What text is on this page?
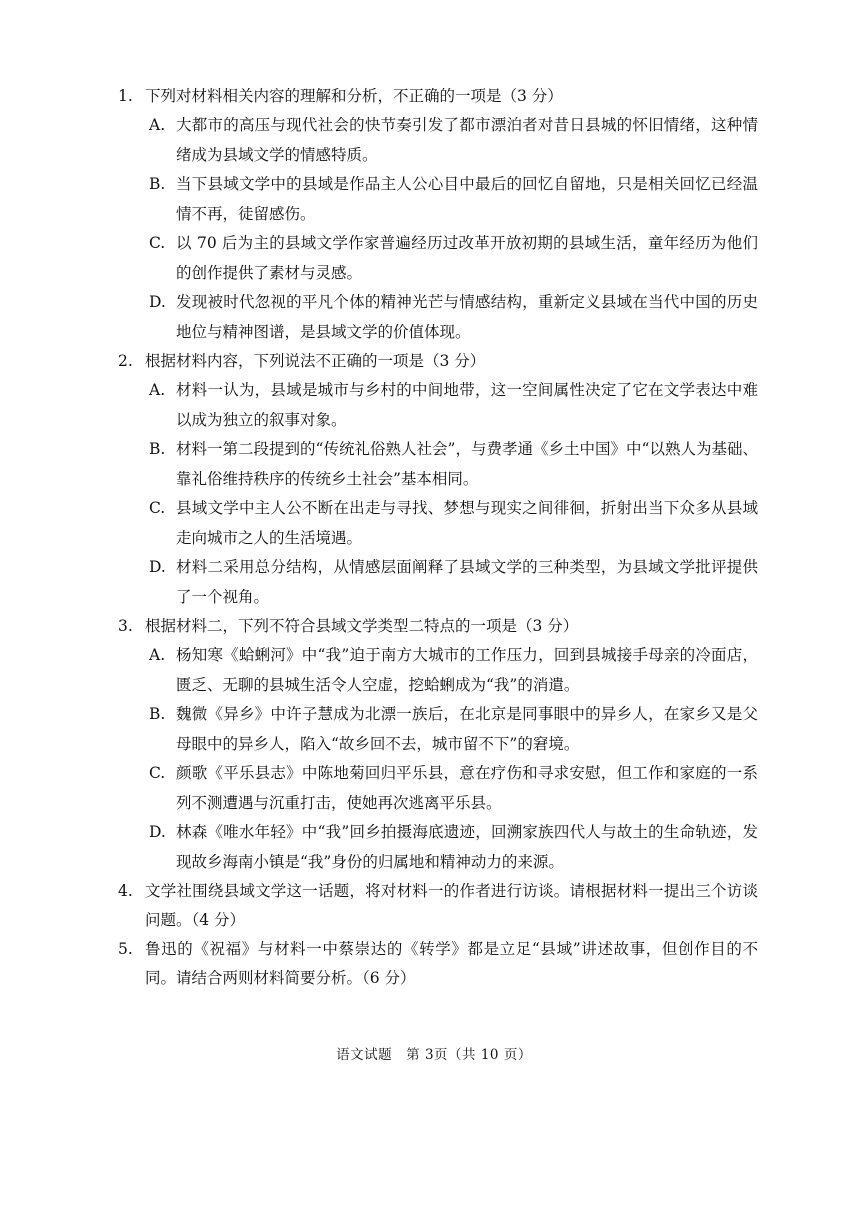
1. 下列对材料相关内容的理解和分析，不正确的一项是（3 分）
A. 大都市的高压与现代社会的快节奏引发了都市漂泊者对昔日县城的怀旧情绪，这种情绪成为县域文学的情感特质。
B. 当下县域文学中的县域是作品主人公心目中最后的回忆自留地，只是相关回忆已经温情不再，徒留感伤。
C. 以 70 后为主的县域文学作家普遍经历过改革开放初期的县域生活，童年经历为他们的创作提供了素材与灵感。
D. 发现被时代忽视的平凡个体的精神光芒与情感结构，重新定义县域在当代中国的历史地位与精神图谱，是县域文学的价值体现。
2. 根据材料内容，下列说法不正确的一项是（3 分）
A. 材料一认为，县域是城市与乡村的中间地带，这一空间属性决定了它在文学表达中难以成为独立的叙事对象。
B. 材料一第二段提到的“传统礼俗熟人社会”，与费孝通《乡土中国》中“以熟人为基础、靠礼俗维持秩序的传统乡土社会”基本相同。
C. 县域文学中主人公不断在出走与寻找、梦想与现实之间徘徊，折射出当下众多从县域走向城市之人的生活境遇。
D. 材料二采用总分结构，从情感层面阐释了县域文学的三种类型，为县域文学批评提供了一个视角。
3. 根据材料二，下列不符合县域文学类型二特点的一项是（3 分）
A. 杨知寒《蛤蜊河》中“我”迫于南方大城市的工作压力，回到县城接手母亲的冷面店，匮乏、无聊的县城生活令人空虚，挖蛤蜊成为“我”的消遣。
B. 魏微《异乡》中许子慧成为北漂一族后，在北京是同事眼中的异乡人，在家乡又是父母眼中的异乡人，陷入“故乡回不去，城市留不下”的窘境。
C. 颜歌《平乐县志》中陈地菊回归平乐县，意在疗伤和寻求安慰，但工作和家庭的一系列不测遭遇与沉重打击，使她再次逃离平乐县。
D. 林森《唯水年轻》中“我”回乡拍摄海底遗迹，回溯家族四代人与故土的生命轨迹，发现故乡海南小镇是“我”身份的归属地和精神动力的来源。
4. 文学社围绕县域文学这一话题，将对材料一的作者进行访谈。请根据材料一提出三个访谈问题。（4 分）
5. 鲁迅的《祝福》与材料一中蔡崇达的《转学》都是立足“县域”讲述故事，但创作目的不同。请结合两则材料简要分析。（6 分）
语文试题　第 3页（共 10 页）
